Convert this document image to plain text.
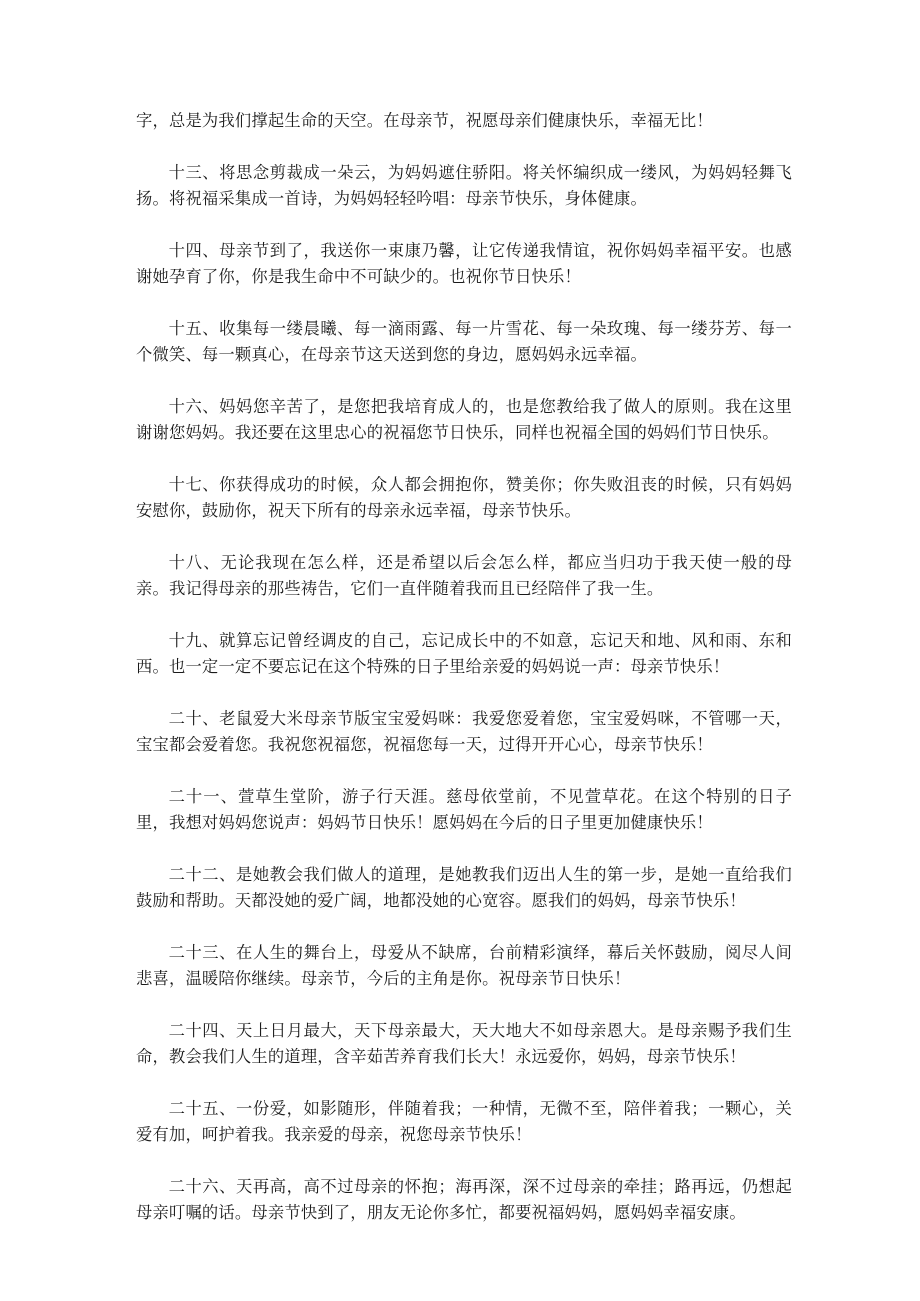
字，总是为我们撑起生命的天空。在母亲节，祝愿母亲们健康快乐，幸福无比！

十三、将思念剪裁成一朵云，为妈妈遮住骄阳。将关怀编织成一缕风，为妈妈轻舞飞扬。将祝福采集成一首诗，为妈妈轻轻吟唱：母亲节快乐，身体健康。

十四、母亲节到了，我送你一束康乃馨，让它传递我情谊，祝你妈妈幸福平安。也感谢她孕育了你，你是我生命中不可缺少的。也祝你节日快乐！

十五、收集每一缕晨曦、每一滴雨露、每一片雪花、每一朵玫瑰、每一缕芬芳、每一个微笑、每一颗真心，在母亲节这天送到您的身边，愿妈妈永远幸福。

十六、妈妈您辛苦了，是您把我培育成人的，也是您教给我了做人的原则。我在这里谢谢您妈妈。我还要在这里忠心的祝福您节日快乐，同样也祝福全国的妈妈们节日快乐。

十七、你获得成功的时候，众人都会拥抱你，赞美你；你失败沮丧的时候，只有妈妈安慰你，鼓励你，祝天下所有的母亲永远幸福，母亲节快乐。

十八、无论我现在怎么样，还是希望以后会怎么样，都应当归功于我天使一般的母亲。我记得母亲的那些祷告，它们一直伴随着我而且已经陪伴了我一生。

十九、就算忘记曾经调皮的自己，忘记成长中的不如意，忘记天和地、风和雨、东和西。也一定一定不要忘记在这个特殊的日子里给亲爱的妈妈说一声：母亲节快乐！

二十、老鼠爱大米母亲节版宝宝爱妈咪：我爱您爱着您，宝宝爱妈咪，不管哪一天，宝宝都会爱着您。我祝您祝福您，祝福您每一天，过得开开心心，母亲节快乐！

二十一、萱草生堂阶，游子行天涯。慈母依堂前，不见萱草花。在这个特别的日子里，我想对妈妈您说声：妈妈节日快乐！愿妈妈在今后的日子里更加健康快乐！

二十二、是她教会我们做人的道理，是她教我们迈出人生的第一步，是她一直给我们鼓励和帮助。天都没她的爱广阔，地都没她的心宽容。愿我们的妈妈，母亲节快乐！

二十三、在人生的舞台上，母爱从不缺席，台前精彩演绎，幕后关怀鼓励，阅尽人间悲喜，温暖陪你继续。母亲节，今后的主角是你。祝母亲节日快乐！

二十四、天上日月最大，天下母亲最大，天大地大不如母亲恩大。是母亲赐予我们生命，教会我们人生的道理，含辛茹苦养育我们长大！永远爱你，妈妈，母亲节快乐！

二十五、一份爱，如影随形，伴随着我；一种情，无微不至，陪伴着我；一颗心，关爱有加，呵护着我。我亲爱的母亲，祝您母亲节快乐！

二十六、天再高，高不过母亲的怀抱；海再深，深不过母亲的牵挂；路再远，仍想起母亲叮嘱的话。母亲节快到了，朋友无论你多忙，都要祝福妈妈，愿妈妈幸福安康。
